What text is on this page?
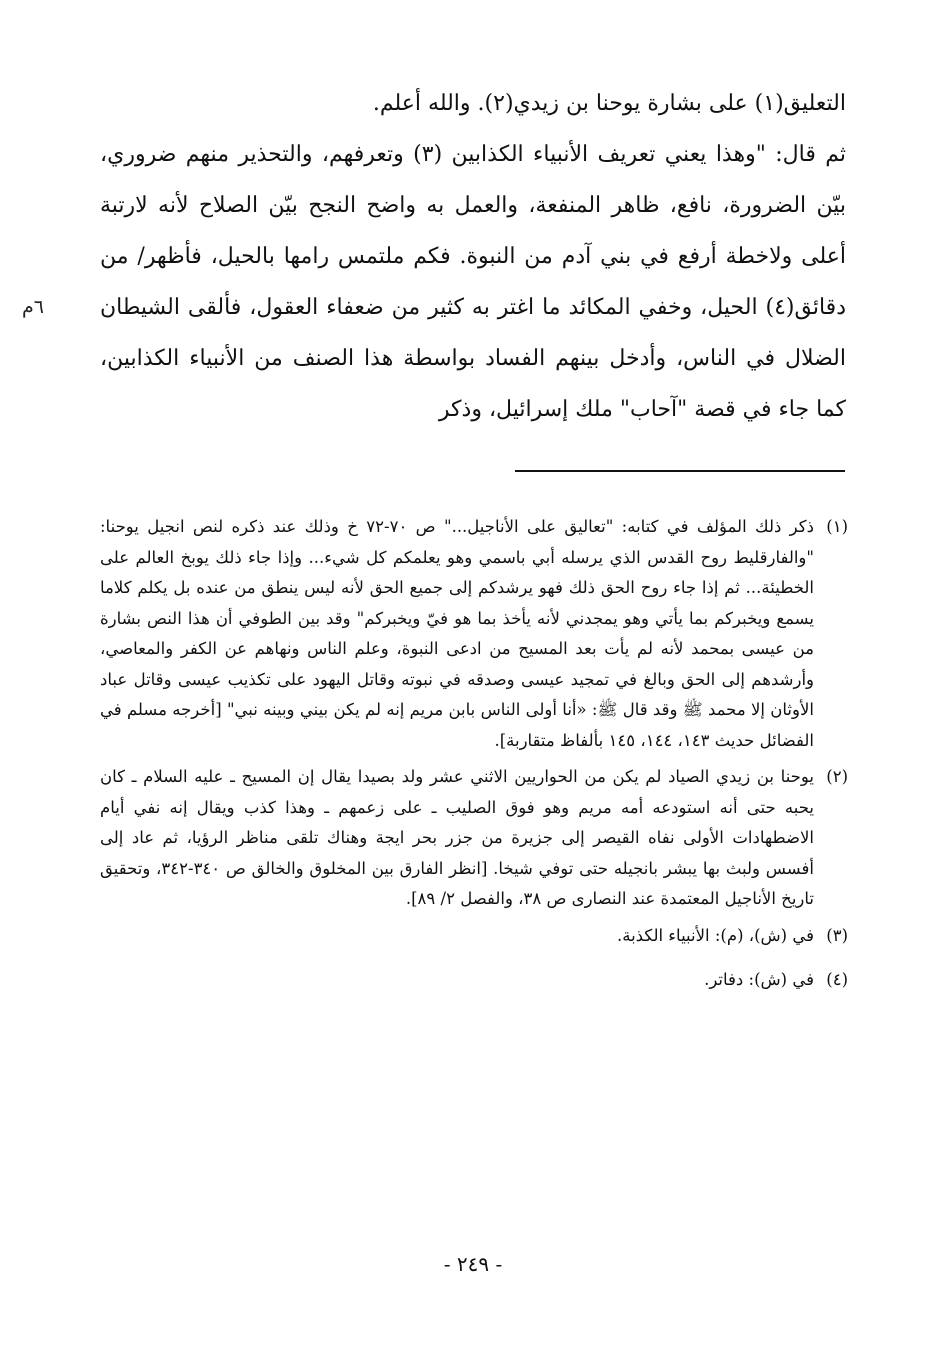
التعليق(١) على بشارة يوحنا بن زيدي(٢). والله أعلم.

ثم قال: "وهذا يعني تعريف الأنبياء الكذابين (٣) وتعرفهم، والتحذير منهم ضروري، بيّن الضرورة، نافع، ظاهر المنفعة، والعمل به واضح النجح بيّن الصلاح لأنه لارتبة أعلى ولاخطة أرفع في بني آدم من النبوة. فكم ملتمس رامها بالحيل، فأظهر/ من دقائق(٤) الحيل، وخفي المكائد ما اغتر به كثير من ضعفاء العقول، فألقى الشيطان الضلال في الناس، وأدخل بينهم الفساد بواسطة هذا الصنف من الأنبياء الكذابين، كما جاء في قصة "آحاب" ملك إسرائيل، وذكر

٦م

(١)
ذكر ذلك المؤلف في كتابه: "تعاليق على الأناجيل..." ص ٧٠-٧٢ خ وذلك عند ذكره لنص انجيل يوحنا: "والفارقليط روح القدس الذي يرسله أبي باسمي وهو يعلمكم كل شيء... وإذا جاء ذلك يوبخ العالم على الخطيئة... ثم إذا جاء روح الحق ذلك فهو يرشدكم إلى جميع الحق لأنه ليس ينطق من عنده بل يكلم كلاما يسمع ويخبركم بما يأتي وهو يمجدني لأنه يأخذ بما هو فيّ ويخبركم" وقد بين الطوفي أن هذا النص بشارة من عيسى بمحمد لأنه لم يأت بعد المسيح من ادعى النبوة، وعلم الناس ونهاهم عن الكفر والمعاصي، وأرشدهم إلى الحق وبالغ في تمجيد عيسى وصدقه في نبوته وقاتل اليهود على تكذيب عيسى وقاتل عباد الأوثان إلا محمد ﷺ وقد قال ﷺ: «أنا أولى الناس بابن مريم إنه لم يكن بيني وبينه نبي" [أخرجه مسلم في الفضائل حديث ١٤٣، ١٤٤، ١٤٥ بألفاظ متقاربة].

(٢)
يوحنا بن زيدي الصياد لم يكن من الحواريين الاثني عشر ولد بصيدا يقال إن المسيح ـ عليه السلام ـ كان يحبه حتى أنه استودعه أمه مريم وهو فوق الصليب ـ على زعمهم ـ وهذا كذب ويقال إنه نفي أيام الاضطهادات الأولى نفاه القيصر إلى جزيرة من جزر بحر ايجة وهناك تلقى مناظر الرؤيا، ثم عاد إلى أفسس ولبث بها يبشر بانجيله حتى توفي شيخا. [انظر الفارق بين المخلوق والخالق ص ٣٤٠-٣٤٢، وتحقيق تاريخ الأناجيل المعتمدة عند النصارى ص ٣٨، والفصل ٢/ ٨٩].

(٣)
في (ش)، (م): الأنبياء الكذبة.

(٤)
في (ش): دفاتر.

- ٢٤٩ -
